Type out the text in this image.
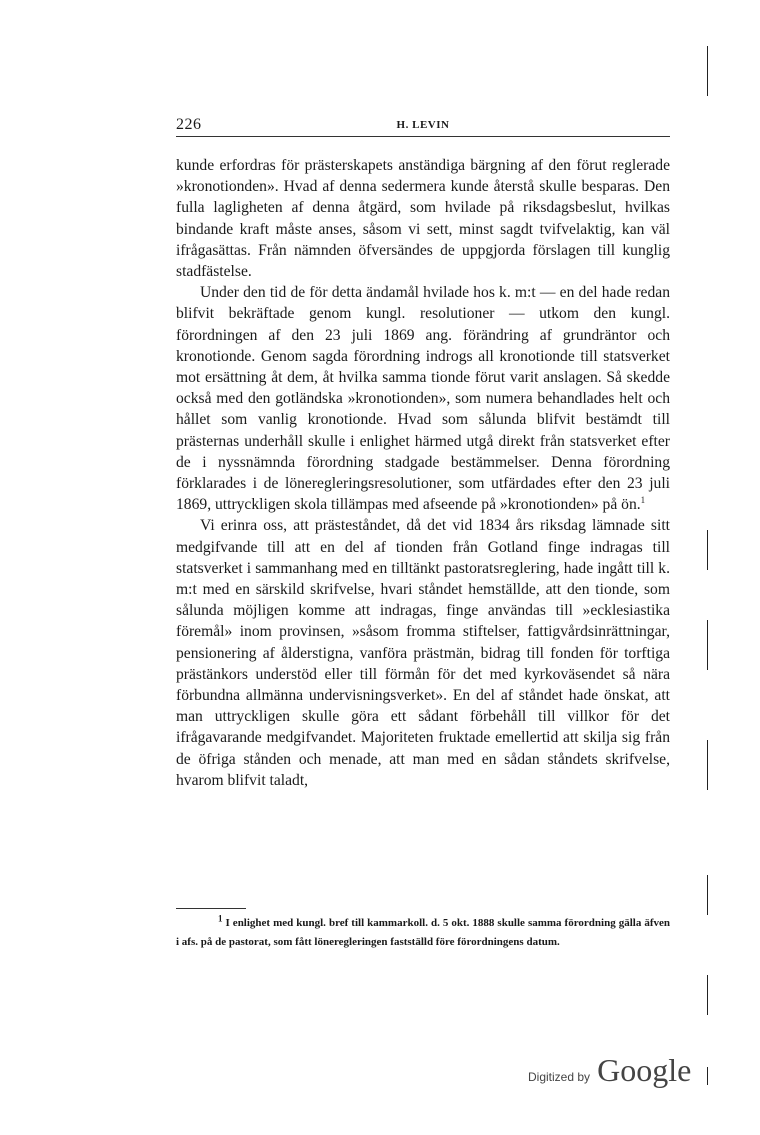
226	H. LEVIN

kunde erfordras för prästerskapets anständiga bärgning af den förut reglerade »kronotionden». Hvad af denna sedermera kunde återstå skulle besparas. Den fulla lagligheten af denna åtgärd, som hvilade på riksdagsbeslut, hvilkas bindande kraft måste anses, såsom vi sett, minst sagdt tvifvelaktig, kan väl ifrågasättas. Från nämnden öfversändes de uppgjorda förslagen till kunglig stadfästelse.

Under den tid de för detta ändamål hvilade hos k. m:t — en del hade redan blifvit bekräftade genom kungl. resolutioner — utkom den kungl. förordningen af den 23 juli 1869 ang. förändring af grundräntor och kronotionde. Genom sagda förordning indrogs all kronotionde till statsverket mot ersättning åt dem, åt hvilka samma tionde förut varit anslagen. Så skedde också med den gotländska »kronotionden», som numera behandlades helt och hållet som vanlig kronotionde. Hvad som sålunda blifvit bestämdt till prästernas underhåll skulle i enlighet härmed utgå direkt från statsverket efter de i nyssnämnda förordning stadgade bestämmelser. Denna förordning förklarades i de löneregleringsresolutioner, som utfärdades efter den 23 juli 1869, uttryckligen skola tillämpas med afseende på »kronotionden» på ön.$^1$

Vi erinra oss, att prästeståndet, då det vid 1834 års riksdag lämnade sitt medgifvande till att en del af tionden från Gotland finge indragas till statsverket i sammanhang med en tilltänkt pastoratsreglering, hade ingått till k. m:t med en särskild skrifvelse, hvari ståndet hemställde, att den tionde, som sålunda möjligen komme att indragas, finge användas till »ecklesiastika föremål» inom provinsen, »såsom fromma stiftelser, fattigvårdsinrättningar, pensionering af ålderstigna, vanföra prästmän, bidrag till fonden för torftiga prästänkors understöd eller till förmån för det med kyrkoväsendet så nära förbundna allmänna undervisningsverket». En del af ståndet hade önskat, att man uttryckligen skulle göra ett sådant förbehåll till villkor för det ifrågavarande medgifvandet. Majoriteten fruktade emellertid att skilja sig från de öfriga stånden och menade, att man med en sådan ståndets skrifvelse, hvarom blifvit taladt,

$^1$ I enlighet med kungl. bref till kammarkoll. d. 5 okt. 1888 skulle samma förordning gälla äfven i afs. på de pastorat, som fått löneregleringen fastställd före förordningens datum.
Digitized by Google
